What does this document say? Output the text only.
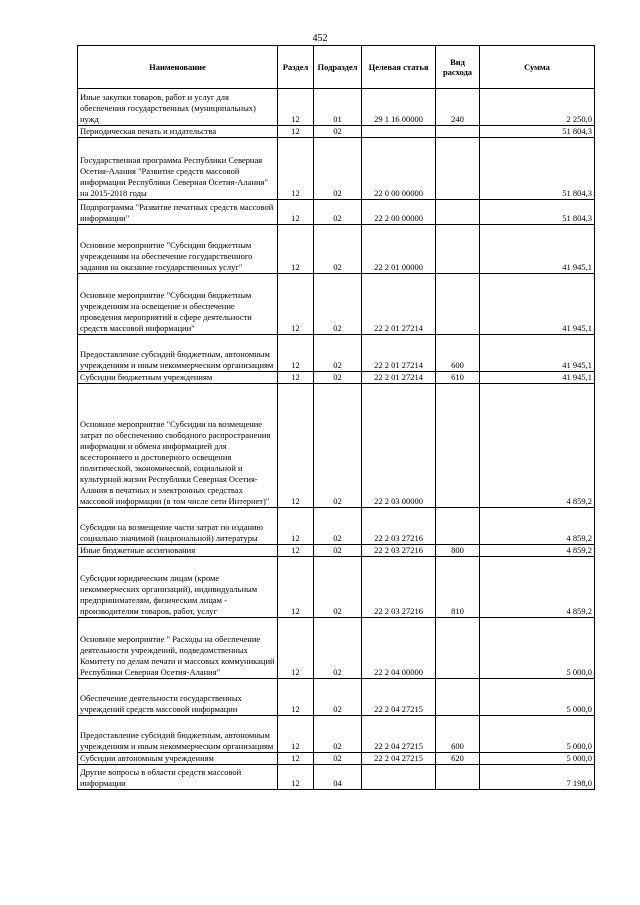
452
Наименование	Раздел	Подраздел	Целевая статья	Вид расхода	Сумма
Иные закупки товаров, работ и услуг для обеспечения государственных (муниципальных) нужд	12	01	29 1 16 00000	240	2 250,0
Периодическая печать и издательства	12	02			51 804,3
Государственная программа Республики Северная Осетия-Алания "Развитие средств массовой информации Республики Северная Осетия-Алания" на 2015-2018 годы	12	02	22 0 00 00000		51 804,3
Подпрограмма "Развитие печатных средств массовой информации"	12	02	22 2 00 00000		51 804,3
Основное мероприятие "Субсидии бюджетным учреждениям на обеспечение государственного задания на оказание государственных услуг"	12	02	22 2 01 00000		41 945,1
Основное мероприятие "Субсидии бюджетным учреждениям на освещение и обеспечение проведения мероприятий в сфере деятельности средств массовой информации"	12	02	22 2 01 27214		41 945,1
Предоставление субсидий бюджетным, автономным учреждениям и иным некоммерческим организациям	12	02	22 2 01 27214	600	41 945,1
Субсидии бюджетным учреждениям	12	02	22 2 01 27214	610	41 945,1
Основное мероприятие "Субсидии на возмещение затрат по обеспечению свободного распространения информации и обмена информацией для всестороннего и достоверного освещения политической, экономической, социальной и культурной жизни Республики Северная Осетия-Алания в печатных и электронных средствах массовой информации (в том числе сети Интернет)"	12	02	22 2 03 00000		4 859,2
Субсидии на возмещение части затрат по изданию социально значимой (национальной) литературы	12	02	22 2 03 27216		4 859,2
Иные бюджетные ассигнования	12	02	22 2 03 27216	800	4 859,2
Субсидии юридическим лицам (кроме некоммерческих организаций), индивидуальным предпринимателям, физическим лицам - производителям товаров, работ, услуг	12	02	22 2 03 27216	810	4 859,2
Основное мероприятие " Расходы на обеспечение деятельности учреждений, подведомственных Комитету по делам печати и массовых коммуникаций Республики Северная Осетия-Алания"	12	02	22 2 04 00000		5 000,0
Обеспечение деятельности государственных учреждений средств массовой информации	12	02	22 2 04 27215		5 000,0
Предоставление субсидий бюджетным, автономным учреждениям и иным некоммерческим организациям	12	02	22 2 04 27215	600	5 000,0
Субсидии автономным учреждениям	12	02	22 2 04 27215	620	5 000,0
Другие вопросы в области средств массовой информации	12	04			7 198,0
